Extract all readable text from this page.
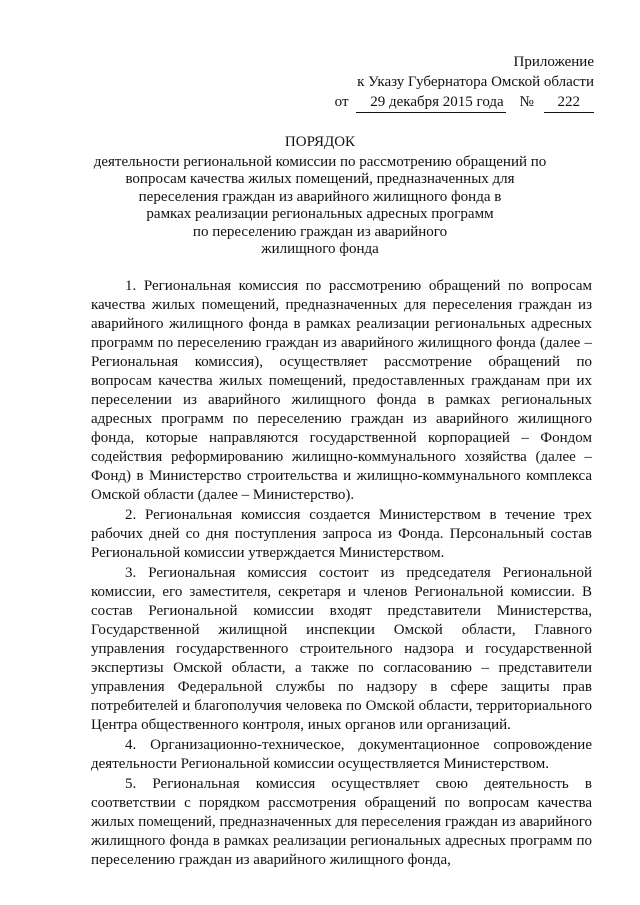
Приложение
к Указу Губернатора Омской области
от 29 декабря 2015 года № 222
ПОРЯДОК
деятельности региональной комиссии по рассмотрению обращений по
вопросам качества жилых помещений, предназначенных для
переселения граждан из аварийного жилищного фонда в
рамках реализации региональных адресных программ
по переселению граждан из аварийного
жилищного фонда

1. Региональная комиссия по рассмотрению обращений по вопросам качества жилых помещений, предназначенных для переселения граждан из аварийного жилищного фонда в рамках реализации региональных адресных программ по переселению граждан из аварийного жилищного фонда (далее – Региональная комиссия), осуществляет рассмотрение обращений по вопросам качества жилых помещений, предоставленных гражданам при их переселении из аварийного жилищного фонда в рамках региональных адресных программ по переселению граждан из аварийного жилищного фонда, которые направляются государственной корпорацией – Фондом содействия реформированию жилищно-коммунального хозяйства (далее – Фонд) в Министерство строительства и жилищно-коммунального комплекса Омской области (далее – Министерство).

2. Региональная комиссия создается Министерством в течение трех рабочих дней со дня поступления запроса из Фонда. Персональный состав Региональной комиссии утверждается Министерством.

3. Региональная комиссия состоит из председателя Региональной комиссии, его заместителя, секретаря и членов Региональной комиссии. В состав Региональной комиссии входят представители Министерства, Государственной жилищной инспекции Омской области, Главного управления государственного строительного надзора и государственной экспертизы Омской области, а также по согласованию – представители управления Федеральной службы по надзору в сфере защиты прав потребителей и благополучия человека по Омской области, территориального Центра общественного контроля, иных органов или организаций.

4. Организационно-техническое, документационное сопровождение деятельности Региональной комиссии осуществляется Министерством.

5. Региональная комиссия осуществляет свою деятельность в соответствии с порядком рассмотрения обращений по вопросам качества жилых помещений, предназначенных для переселения граждан из аварийного жилищного фонда в рамках реализации региональных адресных программ по переселению граждан из аварийного жилищного фонда,
